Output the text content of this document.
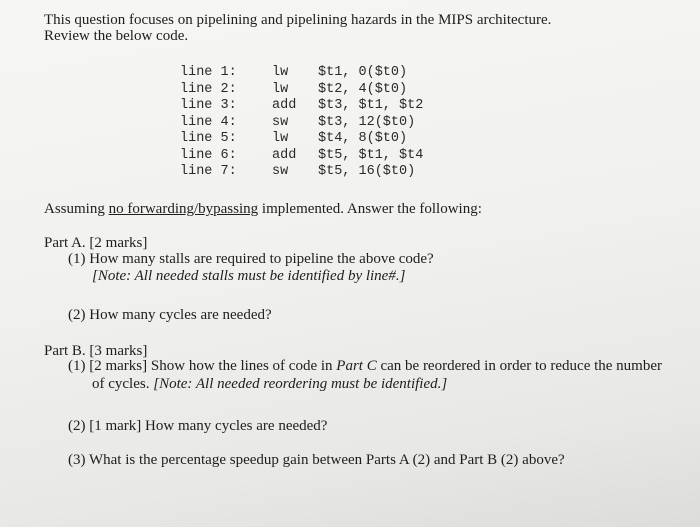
This question focuses on pipelining and pipelining hazards in the MIPS architecture.
Review the below code.
line 1:	lw	$t1, 0($t0)
line 2:	lw	$t2, 4($t0)
line 3:	add	$t3, $t1, $t2
line 4:	sw	$t3, 12($t0)
line 5:	lw	$t4, 8($t0)
line 6:	add	$t5, $t1, $t4
line 7:	sw	$t5, 16($t0)
Assuming no forwarding/bypassing implemented. Answer the following:
Part A. [2 marks]
(1) How many stalls are required to pipeline the above code?
[Note: All needed stalls must be identified by line#.]
(2) How many cycles are needed?
Part B. [3 marks]
(1) [2 marks] Show how the lines of code in Part C can be reordered in order to reduce the number
of cycles. [Note: All needed reordering must be identified.]
(2) [1 mark] How many cycles are needed?
(3) What is the percentage speedup gain between Parts A (2) and Part B (2) above?
